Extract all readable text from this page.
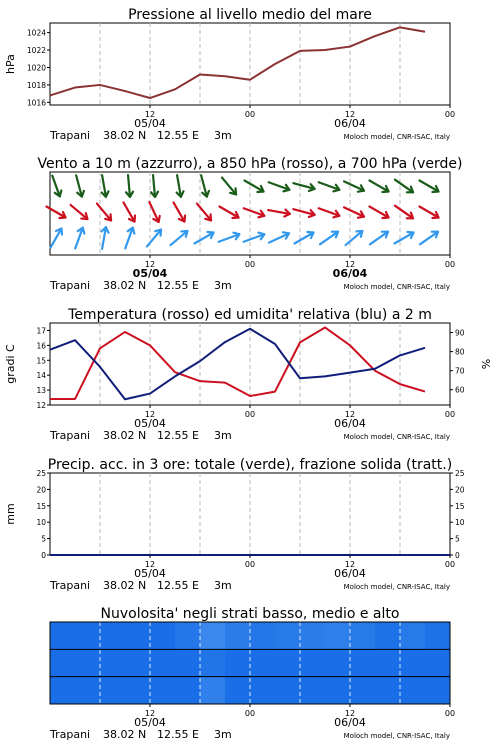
Pressione al livello medio del mare
1016
1018
1020
1022
1024
hPa
12	00	12	00
05/04	06/04
Trapani 38.02 N 12.55 E 3m	Moloch model, CNR-ISAC, Italy
Vento a 10 m (azzurro), a 850 hPa (rosso), a 700 hPa (verde)
12	00	12	00
05/04	06/04
Trapani 38.02 N 12.55 E 3m	Moloch model, CNR-ISAC, Italy
Temperatura (rosso) ed umidita' relativa (blu) a 2 m
12
13
14
15
16
17
60
70
80
90
gradi C	%
12	00	12	00
05/04	06/04
Trapani 38.02 N 12.55 E 3m	Moloch model, CNR-ISAC, Italy
Precip. acc. in 3 ore: totale (verde), frazione solida (tratt.)
0
5
10
15
20
25
0
5
10
15
20
25
mm
12	00	12	00
05/04	06/04
Trapani 38.02 N 12.55 E 3m	Moloch model, CNR-ISAC, Italy
Nuvolosita' negli strati basso, medio e alto
12	00	12	00
05/04	06/04
Trapani 38.02 N 12.55 E 3m	Moloch model, CNR-ISAC, Italy
